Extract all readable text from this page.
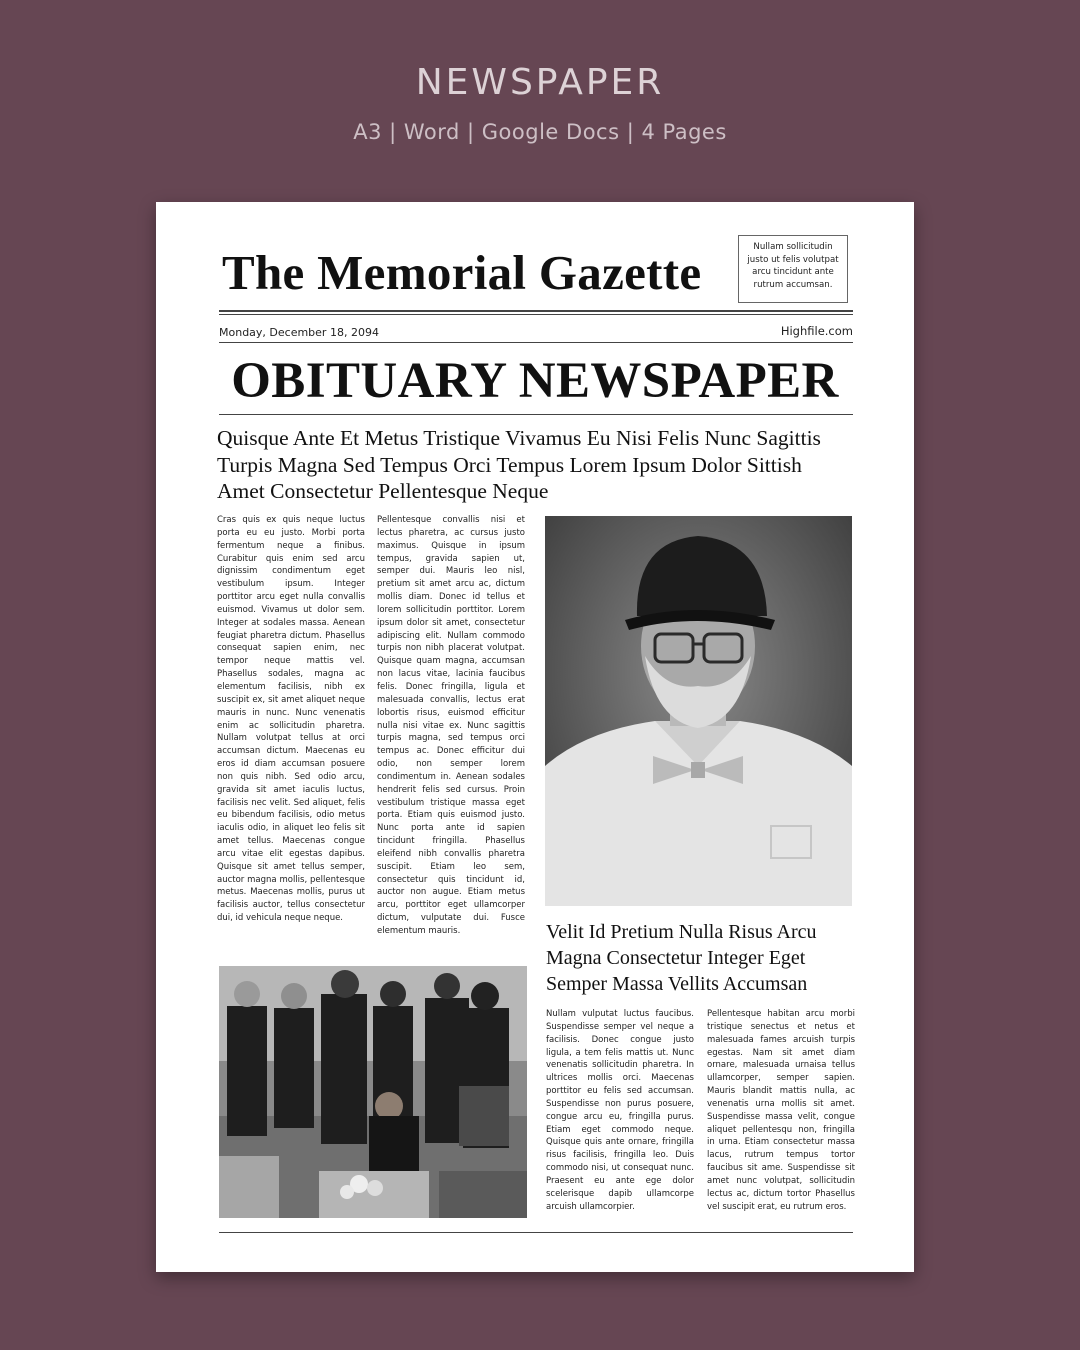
NEWSPAPER
A3 | Word | Google Docs | 4 Pages
The Memorial Gazette	Nullam sollicitudin justo ut felis volutpat arcu tincidunt ante rutrum accumsan.
Monday, December 18, 2094	Highfile.com
OBITUARY NEWSPAPER
Quisque Ante Et Metus Tristique Vivamus Eu Nisi Felis Nunc Sagittis Turpis Magna Sed Tempus Orci Tempus Lorem Ipsum Dolor Sittish Amet Consectetur Pellentesque Neque
Cras quis ex quis neque luctus porta eu eu justo. Morbi porta fermentum neque a finibus. Curabitur quis enim sed arcu dignissim condimentum eget vestibulum ipsum. Integer porttitor arcu eget nulla convallis euismod. Vivamus ut dolor sem. Integer at sodales massa. Aenean feugiat pharetra dictum. Phasellus consequat sapien enim, nec tempor neque mattis vel. Phasellus sodales, magna ac elementum facilisis, nibh ex suscipit ex, sit amet aliquet neque mauris in nunc. Nunc venenatis enim ac sollicitudin pharetra. Nullam volutpat tellus at orci accumsan dictum. Maecenas eu eros id diam accumsan posuere non quis nibh. Sed odio arcu, gravida sit amet iaculis luctus, facilisis nec velit. Sed aliquet, felis eu bibendum facilisis, odio metus iaculis odio, in aliquet leo felis sit amet tellus. Maecenas congue arcu vitae elit egestas dapibus. Quisque sit amet tellus semper, auctor magna mollis, pellentesque metus. Maecenas mollis, purus ut facilisis auctor, tellus consectetur dui, id vehicula neque neque.
Pellentesque convallis nisi et lectus pharetra, ac cursus justo maximus. Quisque in ipsum tempus, gravida sapien ut, semper dui. Mauris leo nisl, pretium sit amet arcu ac, dictum mollis diam. Donec id tellus et lorem sollicitudin porttitor. Lorem ipsum dolor sit amet, consectetur adipiscing elit. Nullam commodo turpis non nibh placerat volutpat. Quisque quam magna, accumsan non lacus vitae, lacinia faucibus felis. Donec fringilla, ligula et malesuada convallis, lectus erat lobortis risus, euismod efficitur nulla nisi vitae ex. Nunc sagittis turpis magna, sed tempus orci tempus ac. Donec efficitur dui odio, non semper lorem condimentum in. Aenean sodales hendrerit felis sed cursus. Proin vestibulum tristique massa eget porta. Etiam quis euismod justo. Nunc porta ante id sapien tincidunt fringilla. Phasellus eleifend nibh convallis pharetra suscipit. Etiam leo sem, consectetur quis tincidunt id, auctor non augue. Etiam metus arcu, porttitor eget ullamcorper dictum, vulputate dui. Fusce elementum mauris.	Velit Id Pretium Nulla Risus Arcu Magna Consectetur Integer Eget Semper Massa Vellits Accumsan
Nullam vulputat luctus faucibus. Suspendisse semper vel neque a facilisis. Donec congue justo ligula, a tem felis mattis ut. Nunc venenatis sollicitudin pharetra. In ultrices mollis orci. Maecenas porttitor eu felis sed accumsan. Suspendisse non purus posuere, congue arcu eu, fringilla purus. Etiam eget commodo neque. Quisque quis ante ornare, fringilla risus facilisis, fringilla leo. Duis commodo nisi, ut consequat nunc. Praesent eu ante ege dolor scelerisque dapib ullamcorpe arcuish ullamcorpier.
Pellentesque habitan arcu morbi tristique senectus et netus et malesuada fames arcuish turpis egestas. Nam sit amet diam ornare, malesuada urnaisa tellus ullamcorper, semper sapien. Mauris blandit mattis nulla, ac venenatis urna mollis sit amet. Suspendisse massa velit, congue aliquet pellentesqu non, fringilla in urna. Etiam consectetur massa lacus, rutrum tempus tortor faucibus sit ame. Suspendisse sit amet nunc volutpat, sollicitudin lectus ac, dictum tortor Phasellus vel suscipit erat, eu rutrum eros.
